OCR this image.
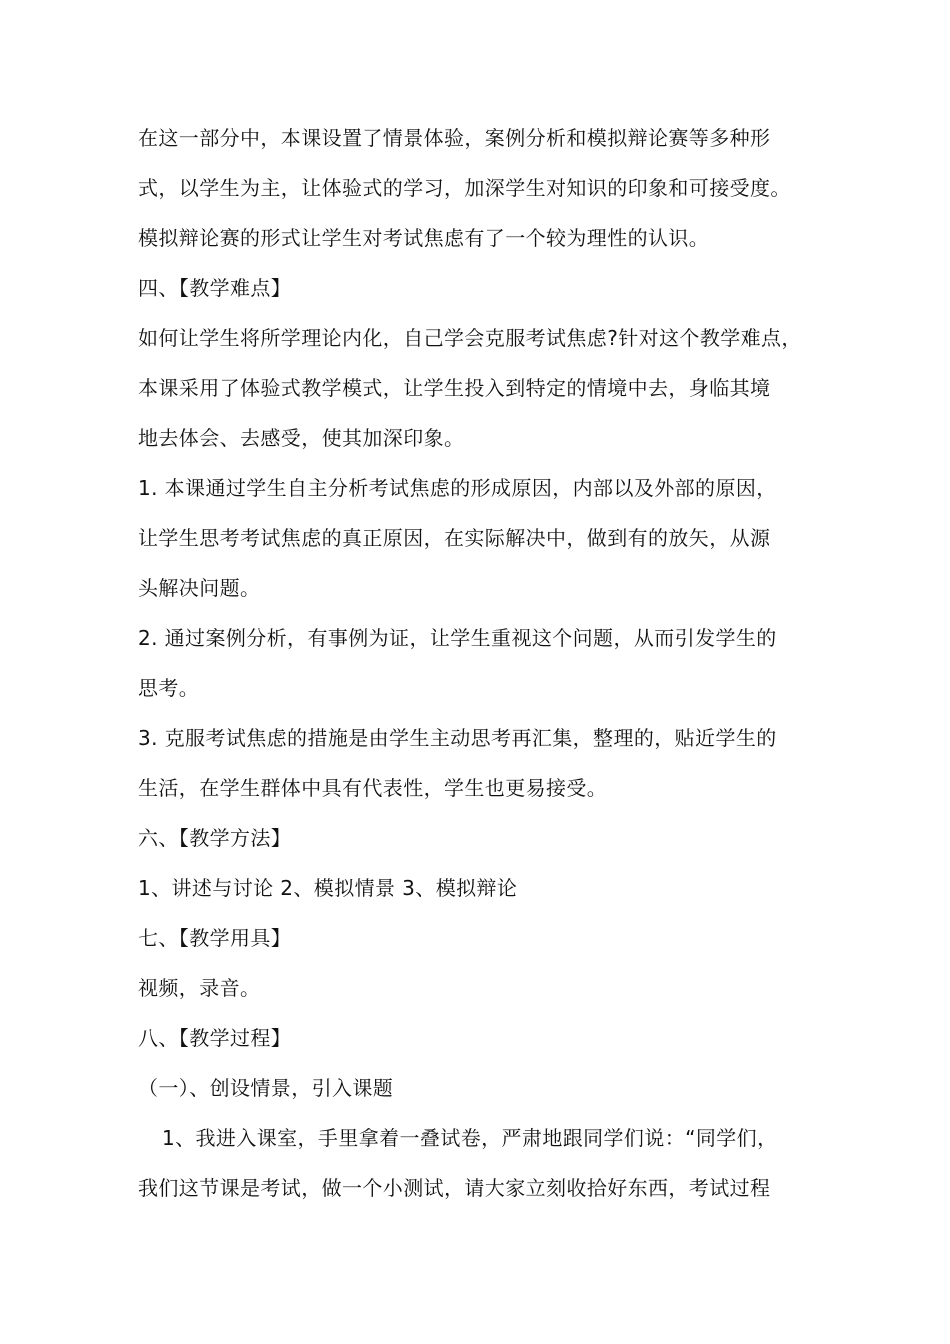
在这一部分中，本课设置了情景体验，案例分析和模拟辩论赛等多种形
式，以学生为主，让体验式的学习，加深学生对知识的印象和可接受度。
模拟辩论赛的形式让学生对考试焦虑有了一个较为理性的认识。
四、【教学难点】
如何让学生将所学理论内化，自己学会克服考试焦虑?针对这个教学难点，
本课采用了体验式教学模式，让学生投入到特定的情境中去，身临其境
地去体会、去感受，使其加深印象。
1. 本课通过学生自主分析考试焦虑的形成原因，内部以及外部的原因，
让学生思考考试焦虑的真正原因，在实际解决中，做到有的放矢，从源
头解决问题。
2. 通过案例分析，有事例为证，让学生重视这个问题，从而引发学生的
思考。
3. 克服考试焦虑的措施是由学生主动思考再汇集，整理的，贴近学生的
生活，在学生群体中具有代表性，学生也更易接受。
六、【教学方法】
1、讲述与讨论 2、模拟情景 3、模拟辩论
七、【教学用具】
视频，录音。
八、【教学过程】
（一）、创设情景，引入课题
1、我进入课室，手里拿着一叠试卷，严肃地跟同学们说：“同学们，
我们这节课是考试，做一个小测试，请大家立刻收拾好东西，考试过程
